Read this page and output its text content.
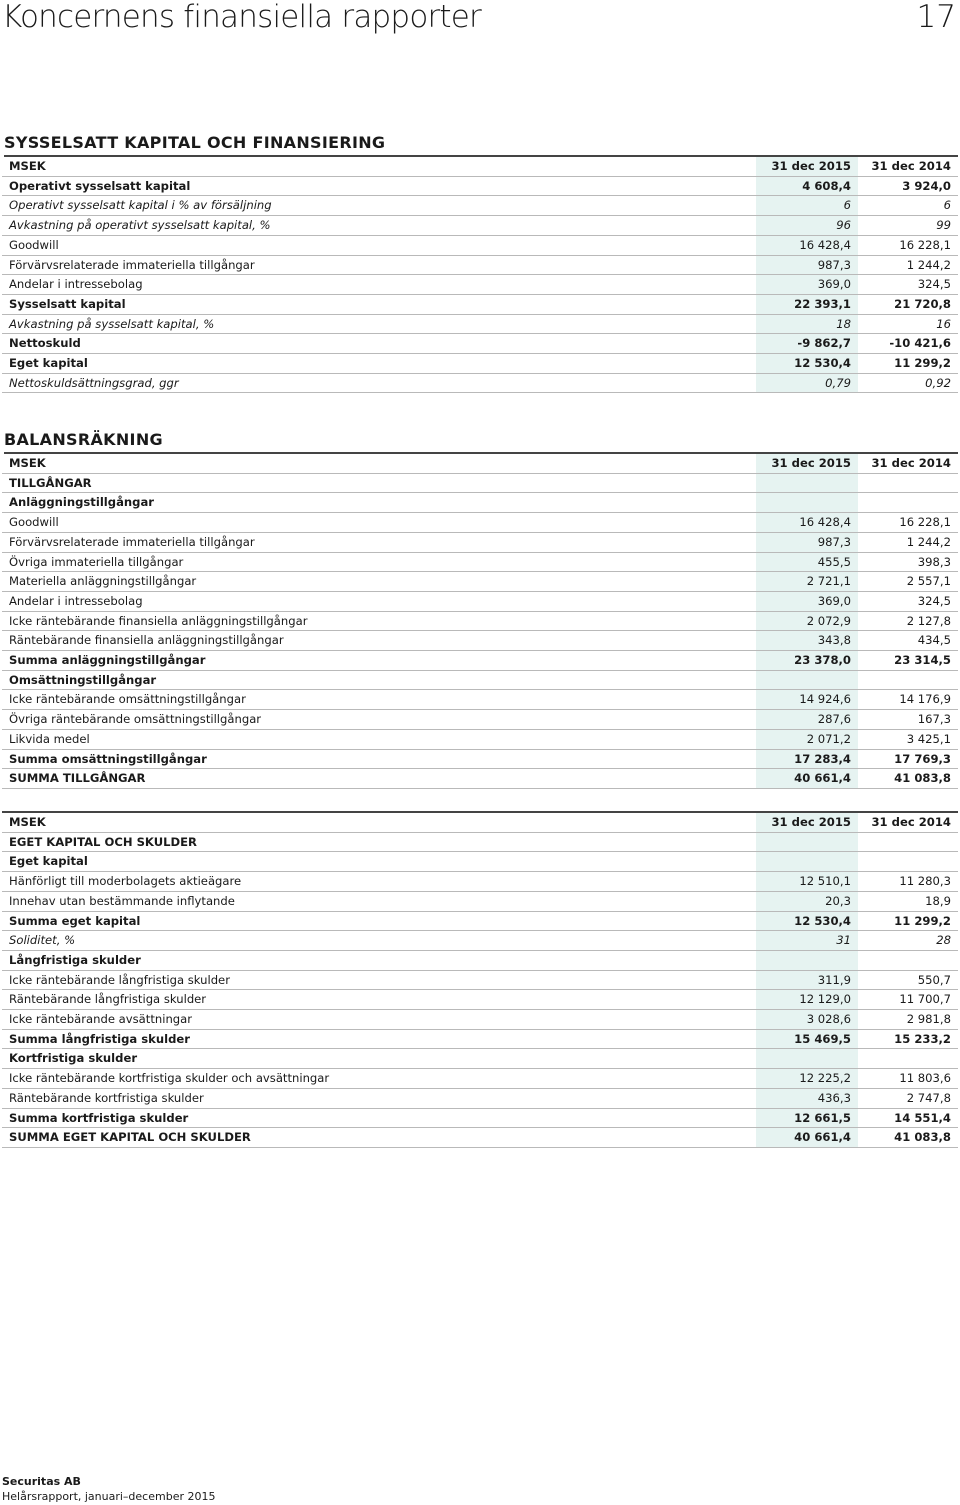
Koncernens finansiella rapporter	17
SYSSELSATT KAPITAL OCH FINANSIERING
MSEK	31 dec 2015	31 dec 2014
Operativt sysselsatt kapital	4 608,4	3 924,0
Operativt sysselsatt kapital i % av försäljning	6	6
Avkastning på operativt sysselsatt kapital, %	96	99
Goodwill	16 428,4	16 228,1
Förvärvsrelaterade immateriella tillgångar	987,3	1 244,2
Andelar i intressebolag	369,0	324,5
Sysselsatt kapital	22 393,1	21 720,8
Avkastning på sysselsatt kapital, %	18	16
Nettoskuld	-9 862,7	-10 421,6
Eget kapital	12 530,4	11 299,2
Nettoskuldsättningsgrad, ggr	0,79	0,92
BALANSRÄKNING
MSEK	31 dec 2015	31 dec 2014
TILLGÅNGAR		
Anläggningstillgångar		
Goodwill	16 428,4	16 228,1
Förvärvsrelaterade immateriella tillgångar	987,3	1 244,2
Övriga immateriella tillgångar	455,5	398,3
Materiella anläggningstillgångar	2 721,1	2 557,1
Andelar i intressebolag	369,0	324,5
Icke räntebärande finansiella anläggningstillgångar	2 072,9	2 127,8
Räntebärande finansiella anläggningstillgångar	343,8	434,5
Summa anläggningstillgångar	23 378,0	23 314,5
Omsättningstillgångar		
Icke räntebärande omsättningstillgångar	14 924,6	14 176,9
Övriga räntebärande omsättningstillgångar	287,6	167,3
Likvida medel	2 071,2	3 425,1
Summa omsättningstillgångar	17 283,4	17 769,3
SUMMA TILLGÅNGAR	40 661,4	41 083,8
MSEK	31 dec 2015	31 dec 2014
EGET KAPITAL OCH SKULDER		
Eget kapital		
Hänförligt till moderbolagets aktieägare	12 510,1	11 280,3
Innehav utan bestämmande inflytande	20,3	18,9
Summa eget kapital	12 530,4	11 299,2
Soliditet, %	31	28
Långfristiga skulder		
Icke räntebärande långfristiga skulder	311,9	550,7
Räntebärande långfristiga skulder	12 129,0	11 700,7
Icke räntebärande avsättningar	3 028,6	2 981,8
Summa långfristiga skulder	15 469,5	15 233,2
Kortfristiga skulder		
Icke räntebärande kortfristiga skulder och avsättningar	12 225,2	11 803,6
Räntebärande kortfristiga skulder	436,3	2 747,8
Summa kortfristiga skulder	12 661,5	14 551,4
SUMMA EGET KAPITAL OCH SKULDER	40 661,4	41 083,8
Securitas AB
Helårsrapport, januari–december 2015
